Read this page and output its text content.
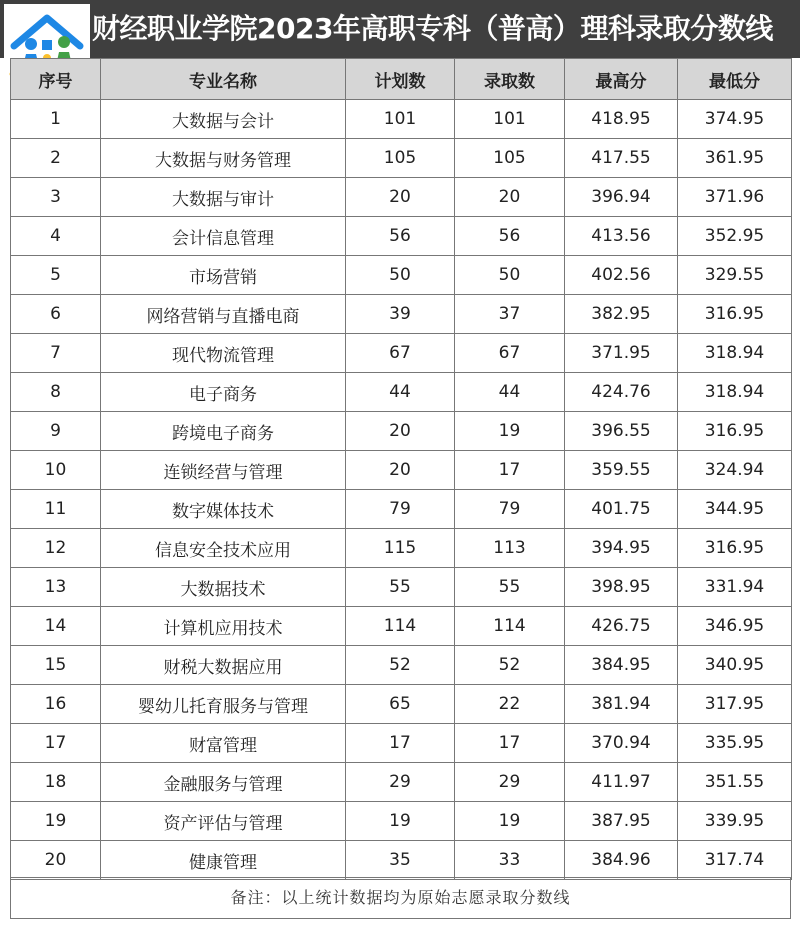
财经职业学院2023年高职专科（普高）理科录取分数线
序号	专业名称	计划数	录取数	最高分	最低分
1	大数据与会计	101	101	418.95	374.95
2	大数据与财务管理	105	105	417.55	361.95
3	大数据与审计	20	20	396.94	371.96
4	会计信息管理	56	56	413.56	352.95
5	市场营销	50	50	402.56	329.55
6	网络营销与直播电商	39	37	382.95	316.95
7	现代物流管理	67	67	371.95	318.94
8	电子商务	44	44	424.76	318.94
9	跨境电子商务	20	19	396.55	316.95
10	连锁经营与管理	20	17	359.55	324.94
11	数字媒体技术	79	79	401.75	344.95
12	信息安全技术应用	115	113	394.95	316.95
13	大数据技术	55	55	398.95	331.94
14	计算机应用技术	114	114	426.75	346.95
15	财税大数据应用	52	52	384.95	340.95
16	婴幼儿托育服务与管理	65	22	381.94	317.95
17	财富管理	17	17	370.94	335.95
18	金融服务与管理	29	29	411.97	351.55
19	资产评估与管理	19	19	387.95	339.95
20	健康管理	35	33	384.96	317.74
备注：以上统计数据均为原始志愿录取分数线
